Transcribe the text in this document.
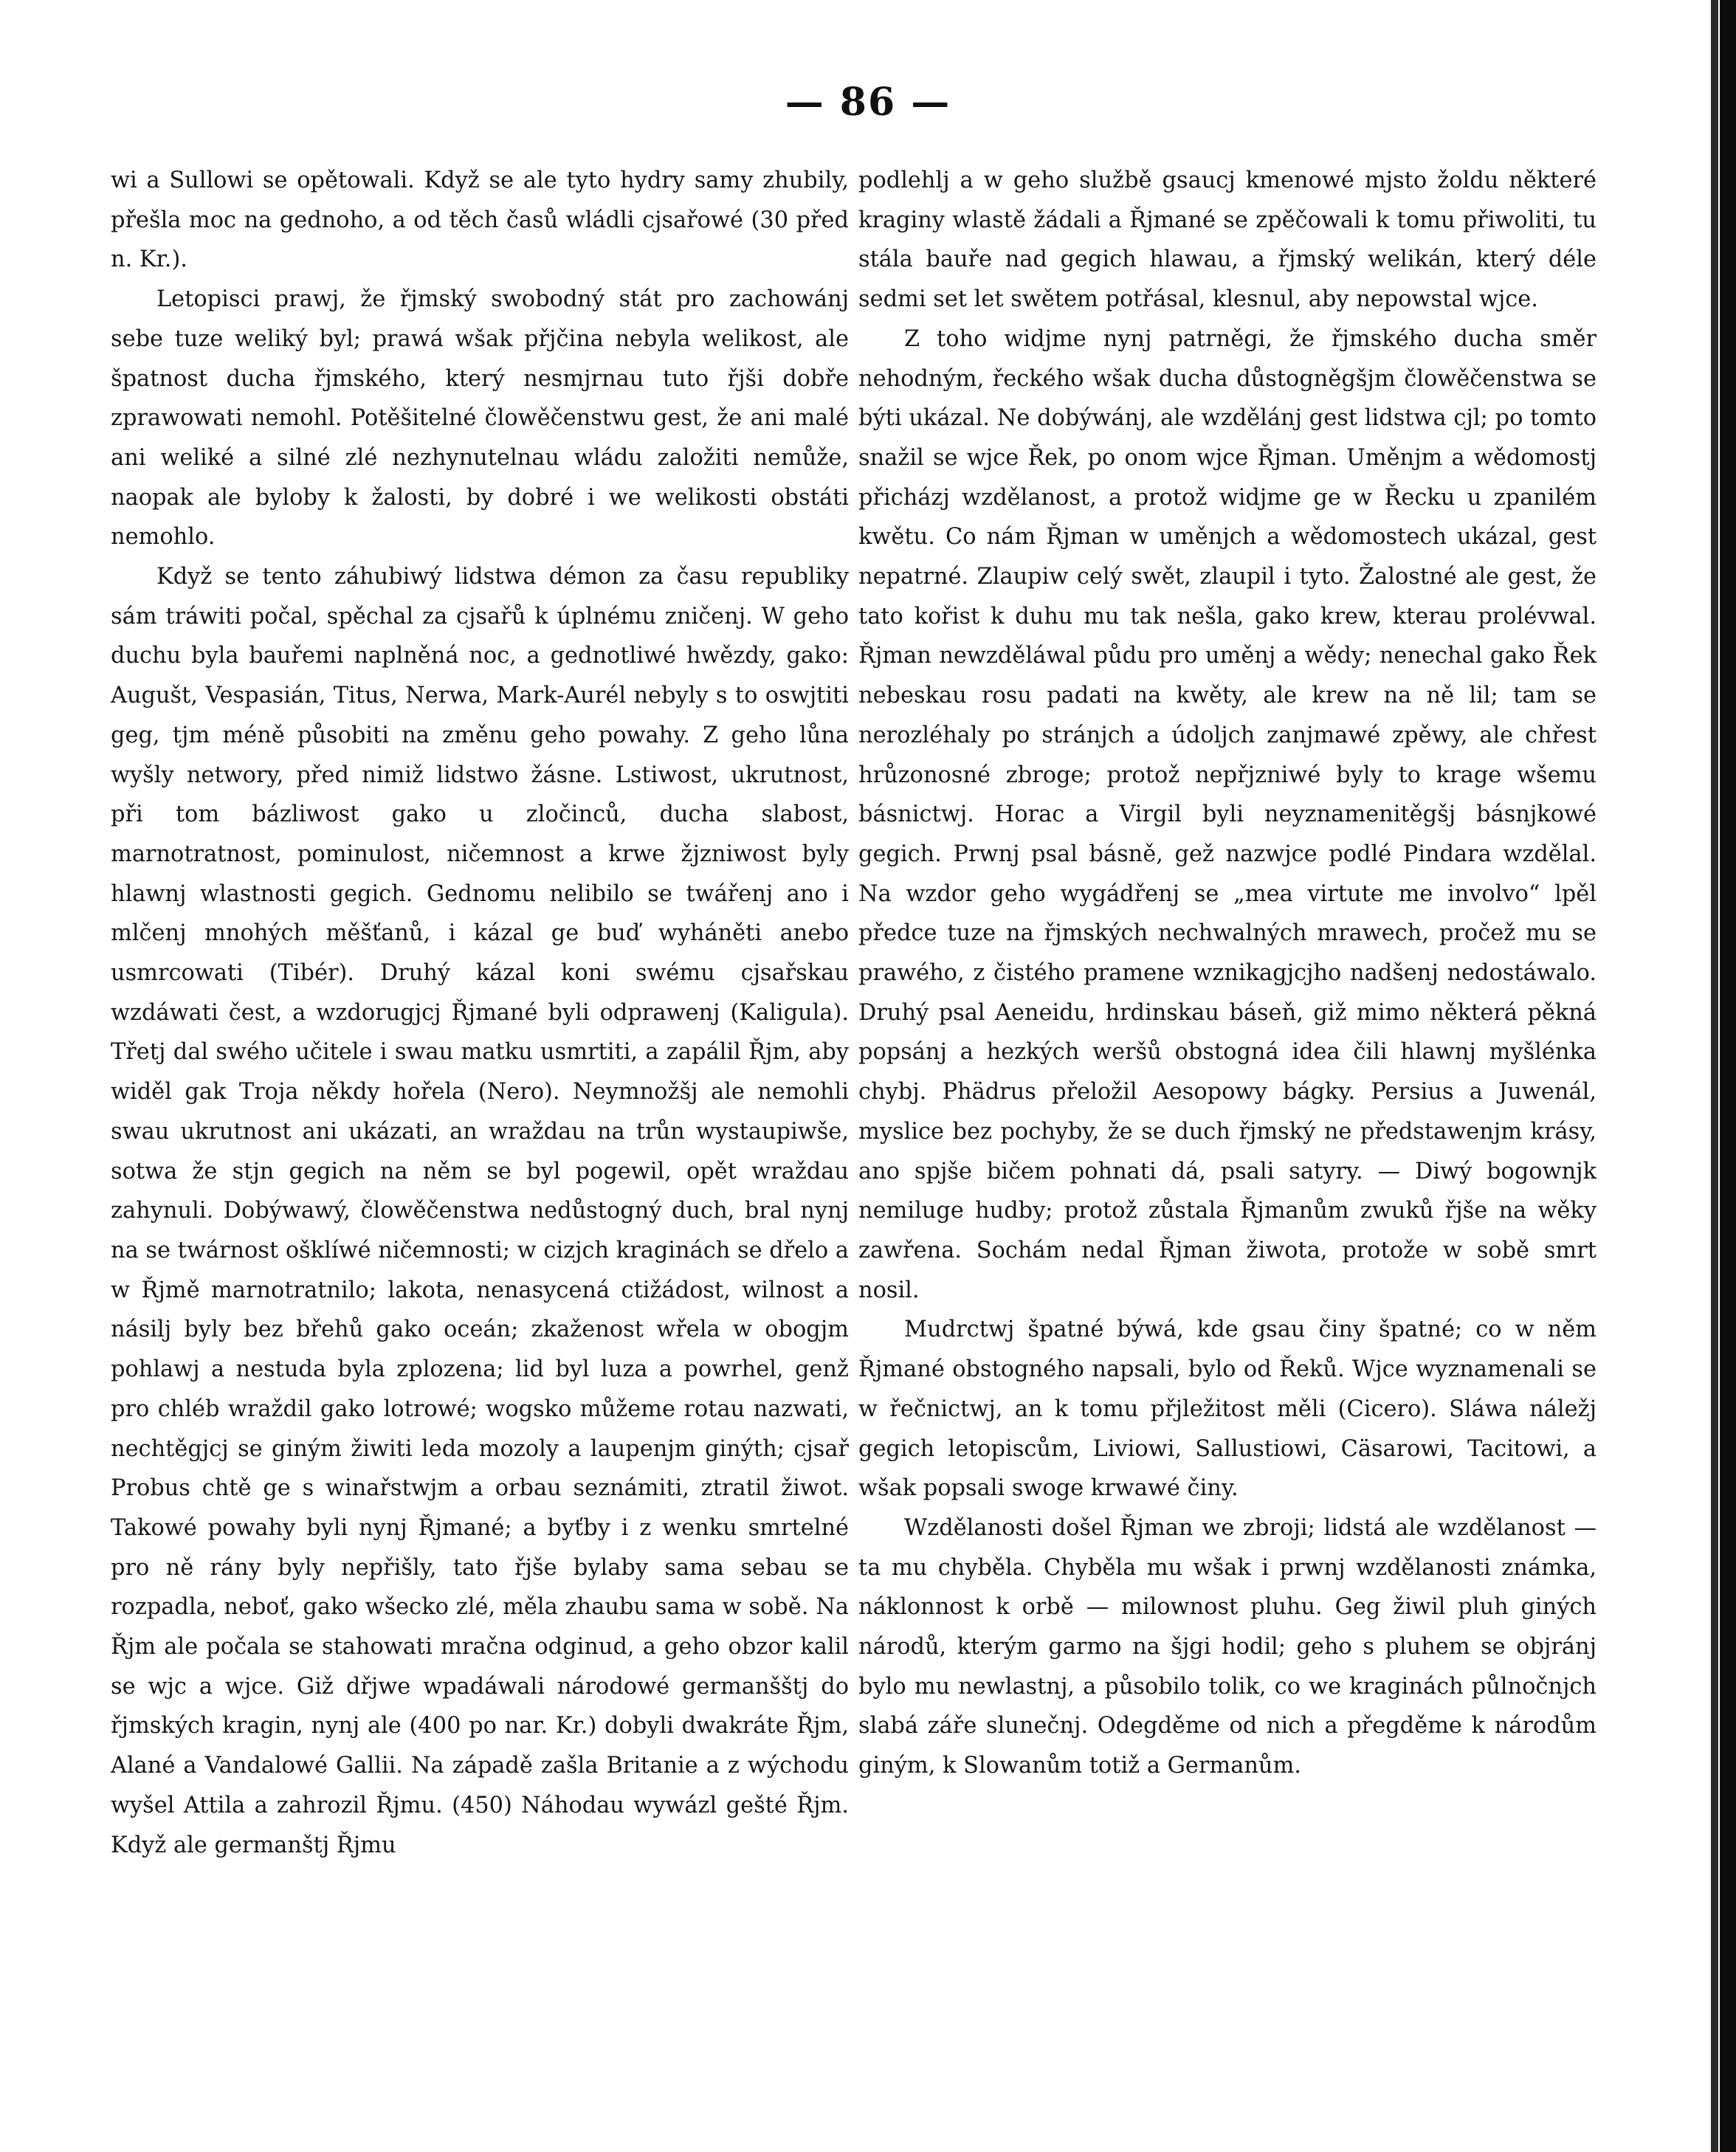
— 86 —

wi a Sullowi se opětowali. Když se ale tyto hydry samy zhubily, přešla moc na gednoho, a od těch časů wládli cjsařowé (30 před n. Kr.).

Letopisci prawj, že řjmský swobodný stát pro zachowánj sebe tuze weliký byl; prawá wšak přjčina nebyla welikost, ale špatnost ducha řjmského, který nesmjrnau tuto řjši dobře zprawowati nemohl. Potěšitelné člowěčenstwu gest, že ani malé ani weliké a silné zlé nezhynutelnau wládu založiti nemůže, naopak ale byloby k žalosti, by dobré i we welikosti obstáti nemohlo.

Když se tento záhubiwý lidstwa démon za času republiky sám tráwiti počal, spěchal za cjsařů k úplnému zničenj. W geho duchu byla bauřemi naplněná noc, a gednotliwé hwězdy, gako: Augušt, Vespasián, Titus, Nerwa, Mark-Aurél nebyly s to oswjtiti geg, tjm méně působiti na změnu geho powahy. Z geho lůna wyšly networy, před nimiž lidstwo žásne. Lstiwost, ukrutnost, při tom bázliwost gako u zločinců, ducha slabost, marnotratnost, pominulost, ničemnost a krwe žjzniwost byly hlawnj wlastnosti gegich. Gednomu nelibilo se twářenj ano i mlčenj mnohých měšťanů, i kázal ge buď wyháněti anebo usmrcowati (Tibér). Druhý kázal koni swému cjsařskau wzdáwati čest, a wzdorugjcj Řjmané byli odprawenj (Kaligula). Třetj dal swého učitele i swau matku usmrtiti, a zapálil Řjm, aby widěl gak Troja někdy hořela (Nero). Neymnožšj ale nemohli swau ukrutnost ani ukázati, an wraždau na trůn wystaupiwše, sotwa že stjn gegich na něm se byl pogewil, opět wraždau zahynuli. Dobýwawý, člowěčenstwa nedůstogný duch, bral nynj na se twárnost ošklíwé ničemnosti; w cizjch kraginách se dřelo a w Řjmě marnotratnilo; lakota, nenasycená ctižádost, wilnost a násilj byly bez břehů gako oceán; zkaženost wřela w obogjm pohlawj a nestuda byla zplozena; lid byl luza a powrhel, genž pro chléb wraždil gako lotrowé; wogsko můžeme rotau nazwati, nechtěgjcj se giným žiwiti leda mozoly a laupenjm ginýth; cjsař Probus chtě ge s winařstwjm a orbau seznámiti, ztratil žiwot. Takowé powahy byli nynj Řjmané; a byťby i z wenku smrtelné pro ně rány byly nepřišly, tato řjše bylaby sama sebau se rozpadla, neboť, gako wšecko zlé, měla zhaubu sama w sobě. Na Řjm ale počala se stahowati mračna odginud, a geho obzor kalil se wjc a wjce. Giž dřjwe wpadáwali národowé germanšštj do řjmských kragin, nynj ale (400 po nar. Kr.) dobyli dwakráte Řjm, Alané a Vandalowé Gallii. Na západě zašla Britanie a z wýchodu wyšel Attila a zahrozil Řjmu. (450) Náhodau wywázl gešté Řjm. Když ale germanštj Řjmu

podlehlj a w geho službě gsaucj kmenowé mjsto žoldu některé kraginy wlastě žádali a Řjmané se zpěčowali k tomu přiwoliti, tu stála bauře nad gegich hlawau, a řjmský welikán, který déle sedmi set let swětem potřásal, klesnul, aby nepowstal wjce.

Z toho widjme nynj patrněgi, že řjmského ducha směr nehodným, řeckého wšak ducha důstogněgšjm člowěčenstwa se býti ukázal. Ne dobýwánj, ale wzdělánj gest lidstwa cjl; po tomto snažil se wjce Řek, po onom wjce Řjman. Uměnjm a wědomostj přicházj wzdělanost, a protož widjme ge w Řecku u zpanilém kwětu. Co nám Řjman w uměnjch a wědomostech ukázal, gest nepatrné. Zlaupiw celý swět, zlaupil i tyto. Žalostné ale gest, že tato kořist k duhu mu tak nešla, gako krew, kterau prolévwal. Řjman newzděláwal půdu pro uměnj a wědy; nenechal gako Řek nebeskau rosu padati na kwěty, ale krew na ně lil; tam se nerozléhaly po stránjch a údoljch zanjmawé zpěwy, ale chřest hrůzonosné zbroge; protož nepřjzniwé byly to krage wšemu básnictwj. Horac a Virgil byli neyznamenitěgšj básnjkowé gegich. Prwnj psal básně, gež nazwjce podlé Pindara wzdělal. Na wzdor geho wygádřenj se „mea virtute me involvo“ lpěl předce tuze na řjmských nechwalných mrawech, pročež mu se prawého, z čistého pramene wznikagjcjho nadšenj nedostáwalo. Druhý psal Aeneidu, hrdinskau báseň, giž mimo některá pěkná popsánj a hezkých weršů obstogná idea čili hlawnj myšlénka chybj. Phädrus přeložil Aesopowy bágky. Persius a Juwenál, myslice bez pochyby, že se duch řjmský ne předstawenjm krásy, ano spjše bičem pohnati dá, psali satyry. — Diwý bogownjk nemiluge hudby; protož zůstala Řjmanům zwuků řjše na wěky zawřena. Sochám nedal Řjman žiwota, protože w sobě smrt nosil.

Mudrctwj špatné býwá, kde gsau činy špatné; co w něm Řjmané obstogného napsali, bylo od Řeků. Wjce wyznamenali se w řečnictwj, an k tomu přjležitost měli (Cicero). Sláwa náležj gegich letopiscům, Liviowi, Sallustiowi, Cäsarowi, Tacitowi, a wšak popsali swoge krwawé činy.

Wzdělanosti došel Řjman we zbroji; lidstá ale wzdělanost — ta mu chyběla. Chyběla mu wšak i prwnj wzdělanosti známka, náklonnost k orbě — milownost pluhu. Geg žiwil pluh giných národů, kterým garmo na šjgi hodil; geho s pluhem se objránj bylo mu newlastnj, a působilo tolik, co we kraginách půlnočnjch slabá záře slunečnj. Odegděme od nich a přegděme k národům giným, k Slowanům totiž a Germanům.
